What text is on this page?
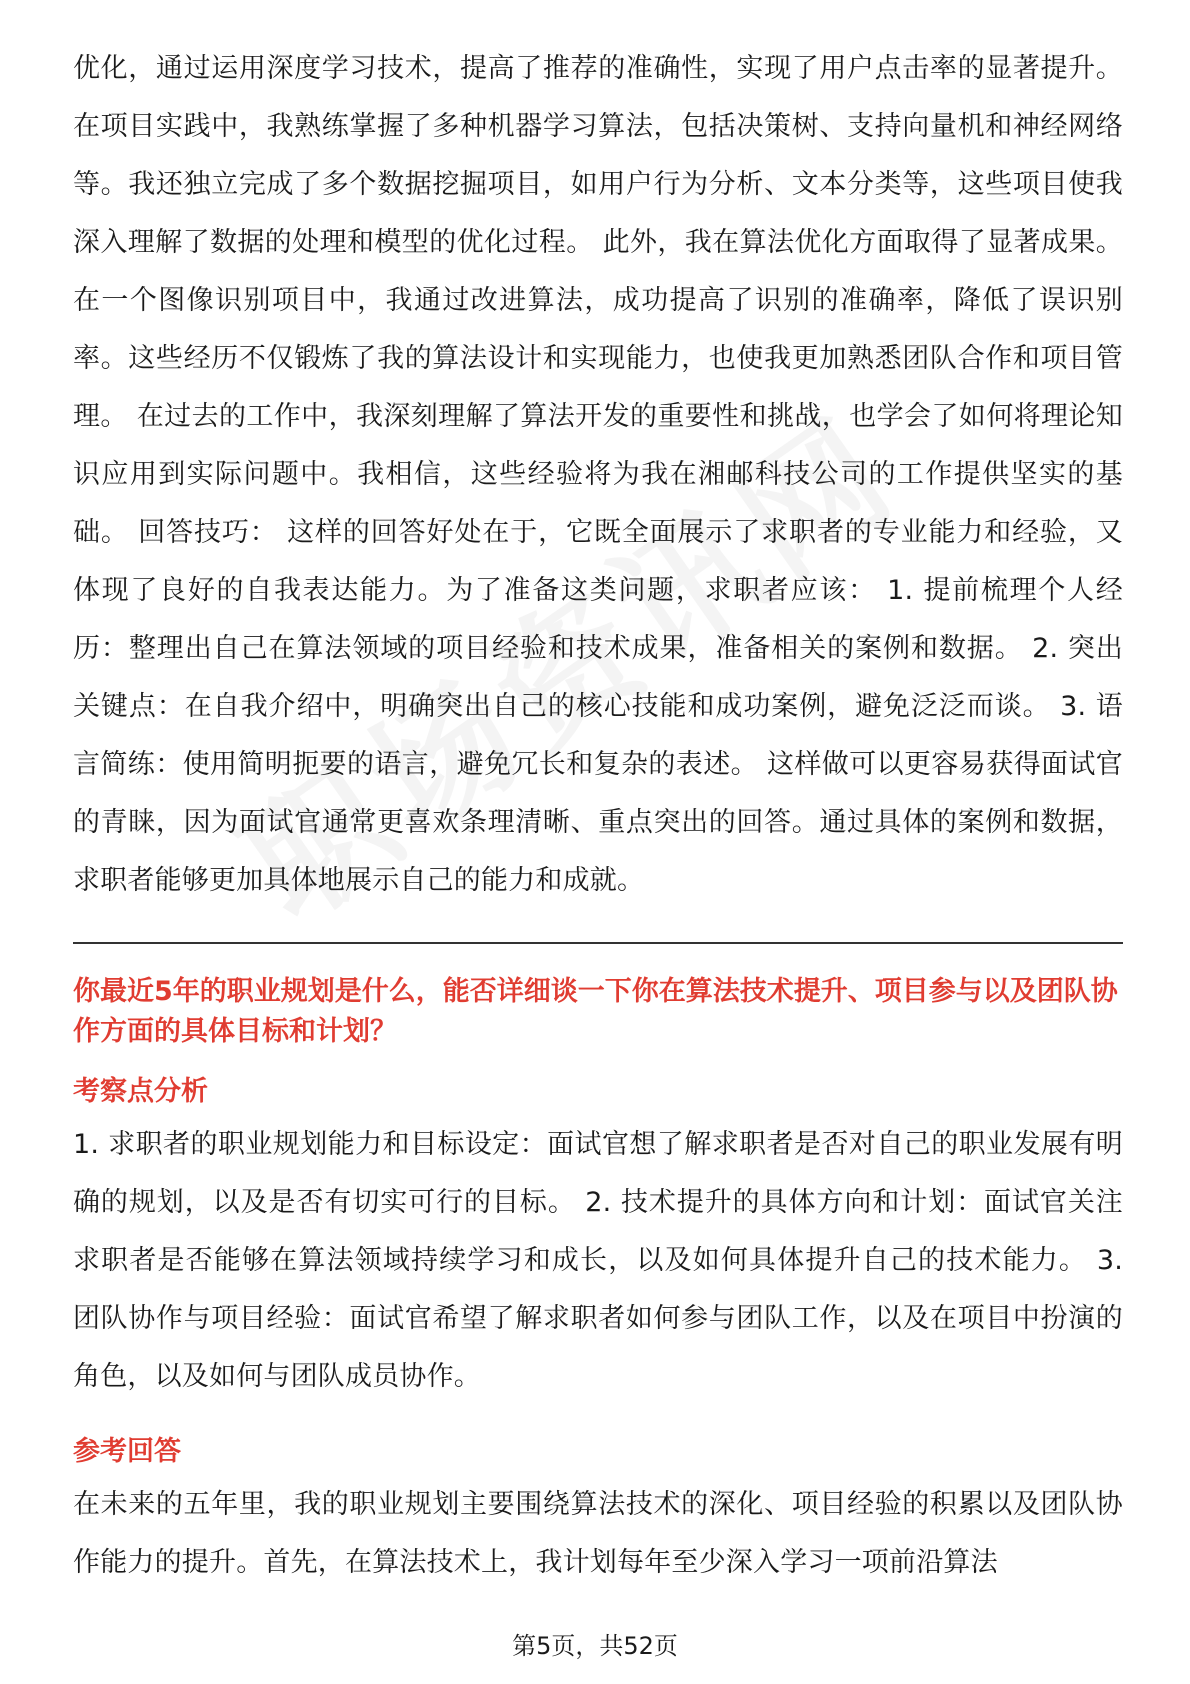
优化，通过运用深度学习技术，提高了推荐的准确性，实现了用户点击率的显著提升。 在项目实践中，我熟练掌握了多种机器学习算法，包括决策树、支持向量机和神经网络等。我还独立完成了多个数据挖掘项目，如用户行为分析、文本分类等，这些项目使我深入理解了数据的处理和模型的优化过程。 此外，我在算法优化方面取得了显著成果。在一个图像识别项目中，我通过改进算法，成功提高了识别的准确率，降低了误识别率。这些经历不仅锻炼了我的算法设计和实现能力，也使我更加熟悉团队合作和项目管理。 在过去的工作中，我深刻理解了算法开发的重要性和挑战，也学会了如何将理论知识应用到实际问题中。我相信，这些经验将为我在湘邮科技公司的工作提供坚实的基础。 回答技巧： 这样的回答好处在于，它既全面展示了求职者的专业能力和经验，又体现了良好的自我表达能力。为了准备这类问题，求职者应该： 1. 提前梳理个人经历：整理出自己在算法领域的项目经验和技术成果，准备相关的案例和数据。 2. 突出关键点：在自我介绍中，明确突出自己的核心技能和成功案例，避免泛泛而谈。 3. 语言简练：使用简明扼要的语言，避免冗长和复杂的表述。 这样做可以更容易获得面试官的青睐，因为面试官通常更喜欢条理清晰、重点突出的回答。通过具体的案例和数据，求职者能够更加具体地展示自己的能力和成就。

你最近5年的职业规划是什么，能否详细谈一下你在算法技术提升、项目参与以及团队协作方面的具体目标和计划？

考察点分析

1. 求职者的职业规划能力和目标设定：面试官想了解求职者是否对自己的职业发展有明确的规划，以及是否有切实可行的目标。 2. 技术提升的具体方向和计划：面试官关注求职者是否能够在算法领域持续学习和成长，以及如何具体提升自己的技术能力。 3. 团队协作与项目经验：面试官希望了解求职者如何参与团队工作，以及在项目中扮演的角色，以及如何与团队成员协作。

参考回答

在未来的五年里，我的职业规划主要围绕算法技术的深化、项目经验的积累以及团队协作能力的提升。首先，在算法技术上，我计划每年至少深入学习一项前沿算法

第5页，共52页
